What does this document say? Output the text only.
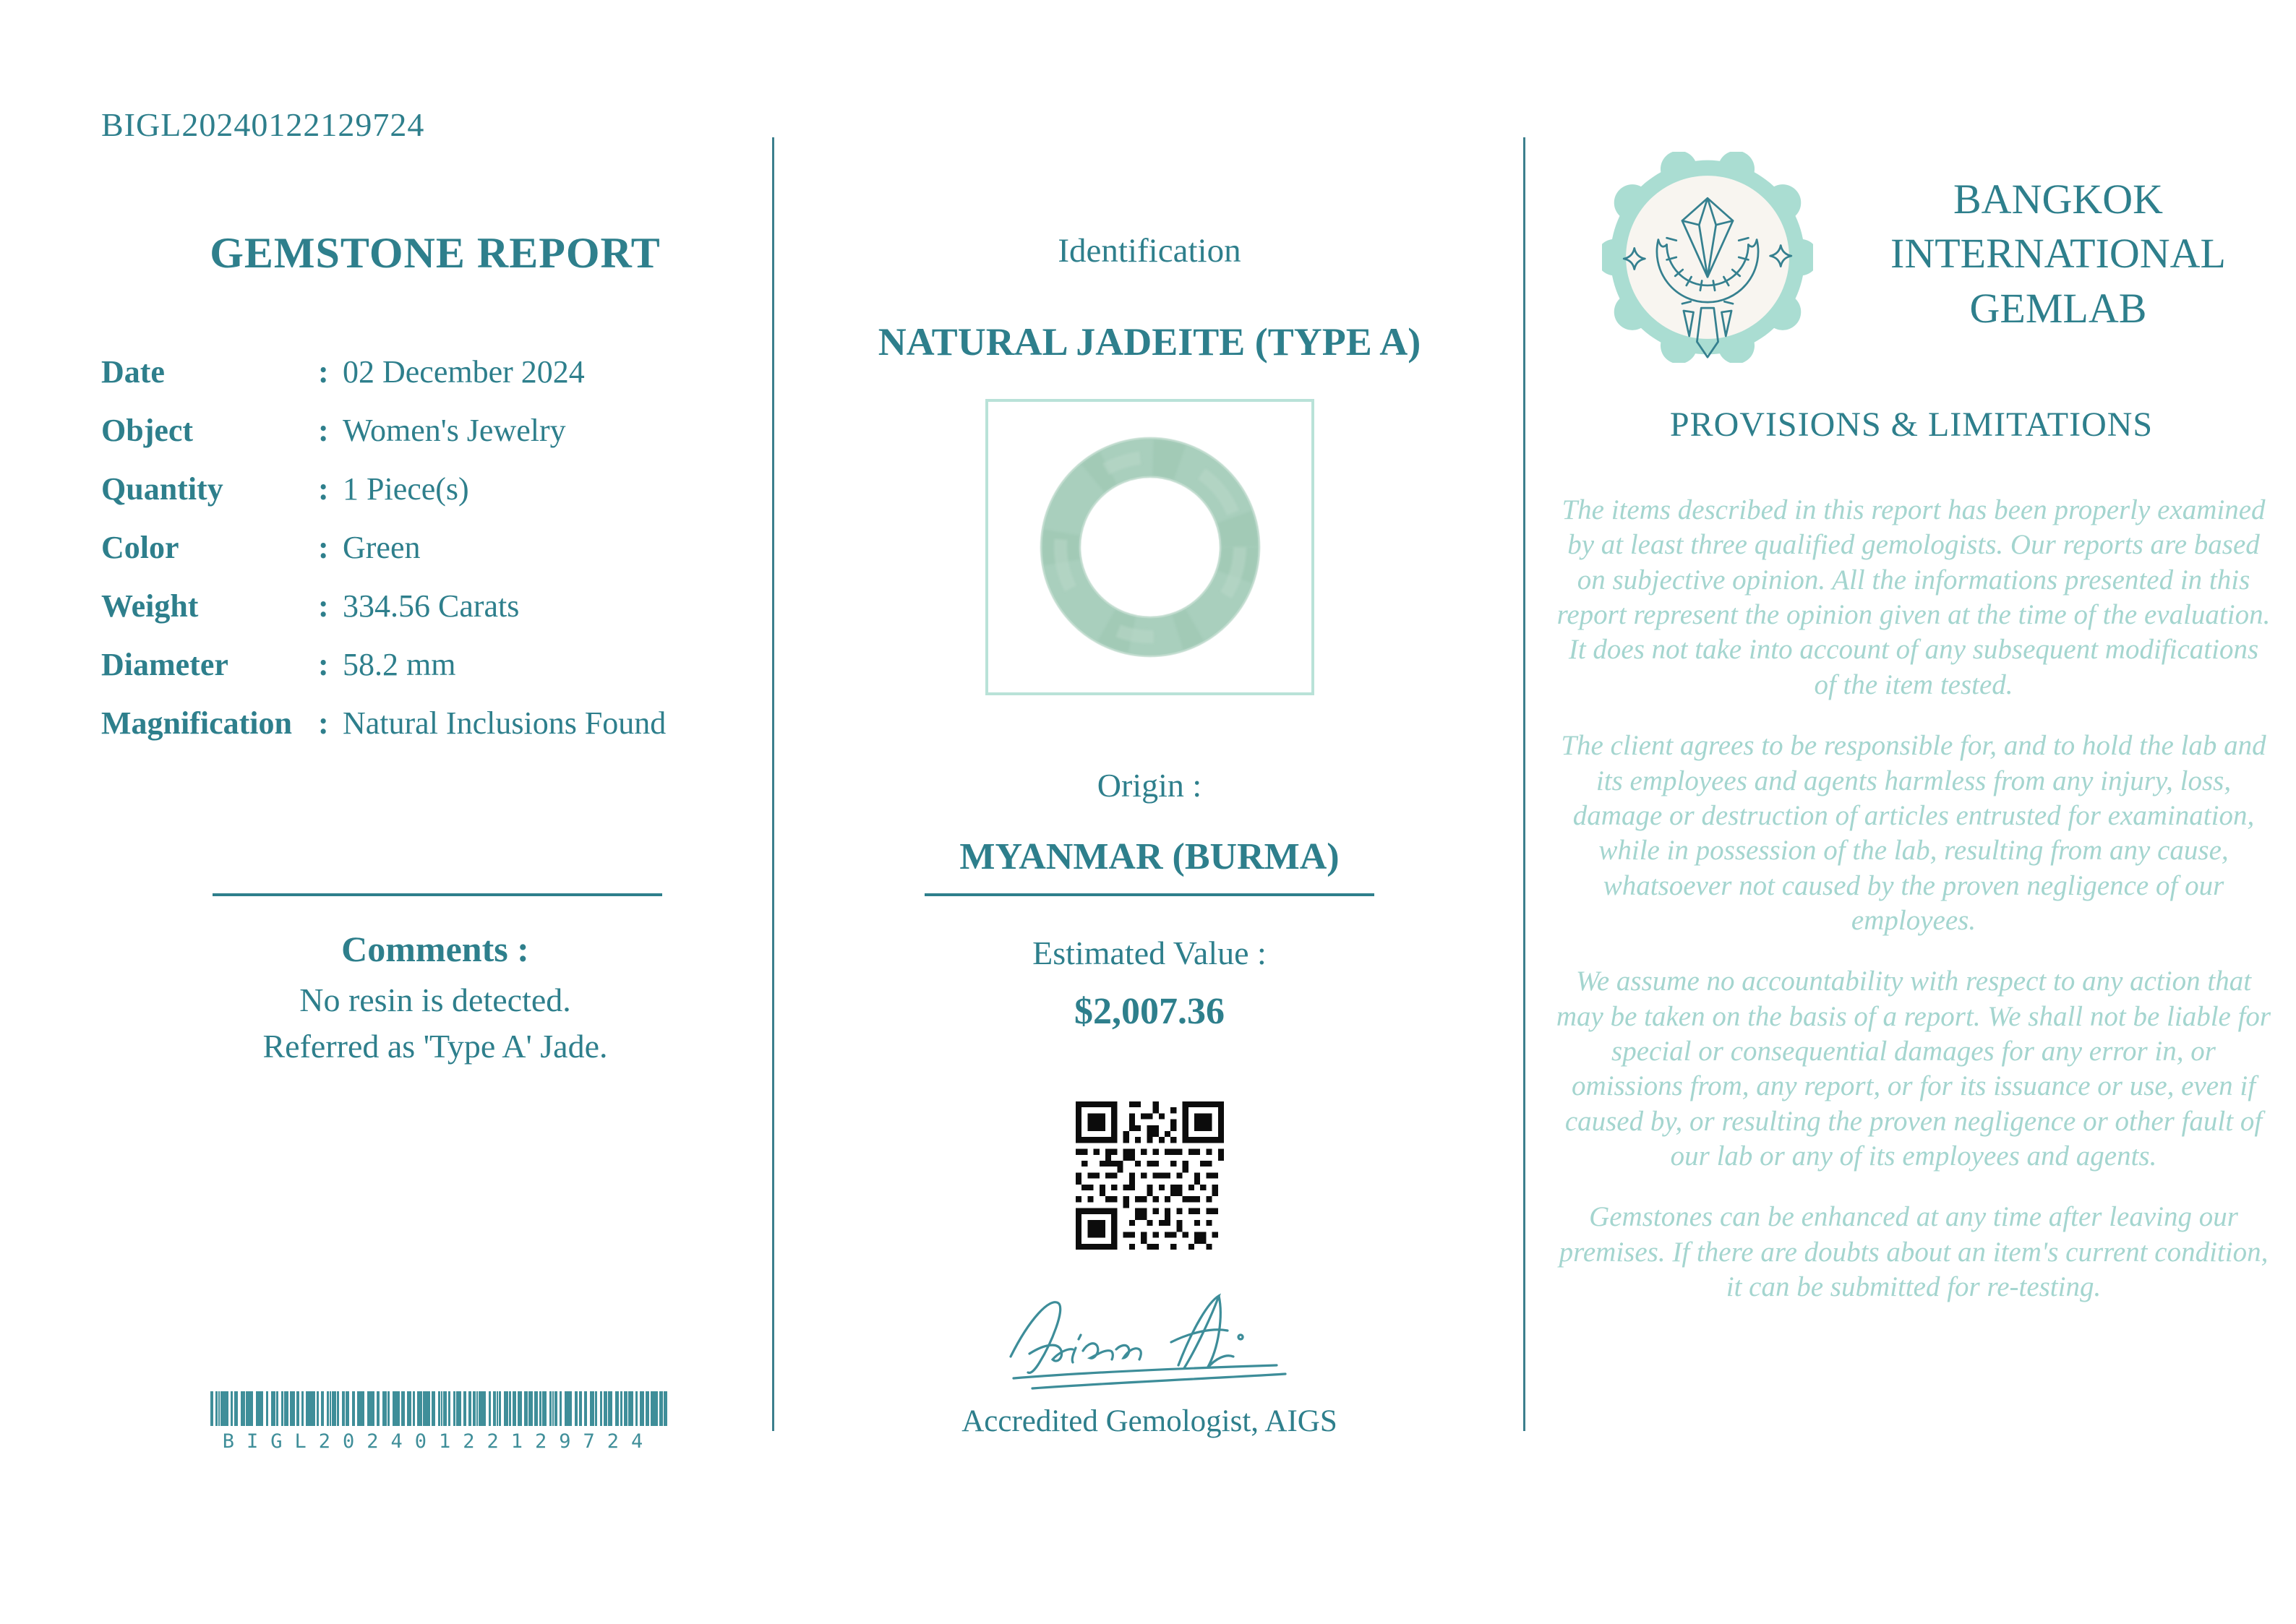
BIGL20240122129724
GEMSTONE REPORT
Date	: 02 December 2024
Object	: Women's Jewelry
Quantity	: 1 Piece(s)
Color	: Green
Weight	: 334.56 Carats
Diameter	: 58.2 mm
Magnification : Natural Inclusions Found
Comments :
No resin is detected.
Referred as 'Type A' Jade.
BIGL20240122129724
Identification
NATURAL JADEITE (TYPE A)
Origin :
MYANMAR (BURMA)
Estimated Value :
$2,007.36
Accredited Gemologist, AIGS
BANGKOK
INTERNATIONAL
GEMLAB
PROVISIONS & LIMITATIONS

The items described in this report has been properly examined by at least three qualified gemologists. Our reports are based on subjective opinion. All the informations presented in this report represent the opinion given at the time of the evaluation. It does not take into account of any subsequent modifications of the item tested.

The client agrees to be responsible for, and to hold the lab and its employees and agents harmless from any injury, loss, damage or destruction of articles entrusted for examination, while in possession of the lab, resulting from any cause, whatsoever not caused by the proven negligence of our employees.

We assume no accountability with respect to any action that may be taken on the basis of a report. We shall not be liable for special or consequential damages for any error in, or omissions from, any report, or for its issuance or use, even if caused by, or resulting the proven negligence or other fault of our lab or any of its employees and agents.

Gemstones can be enhanced at any time after leaving our premises. If there are doubts about an item's current condition, it can be submitted for re-testing.
